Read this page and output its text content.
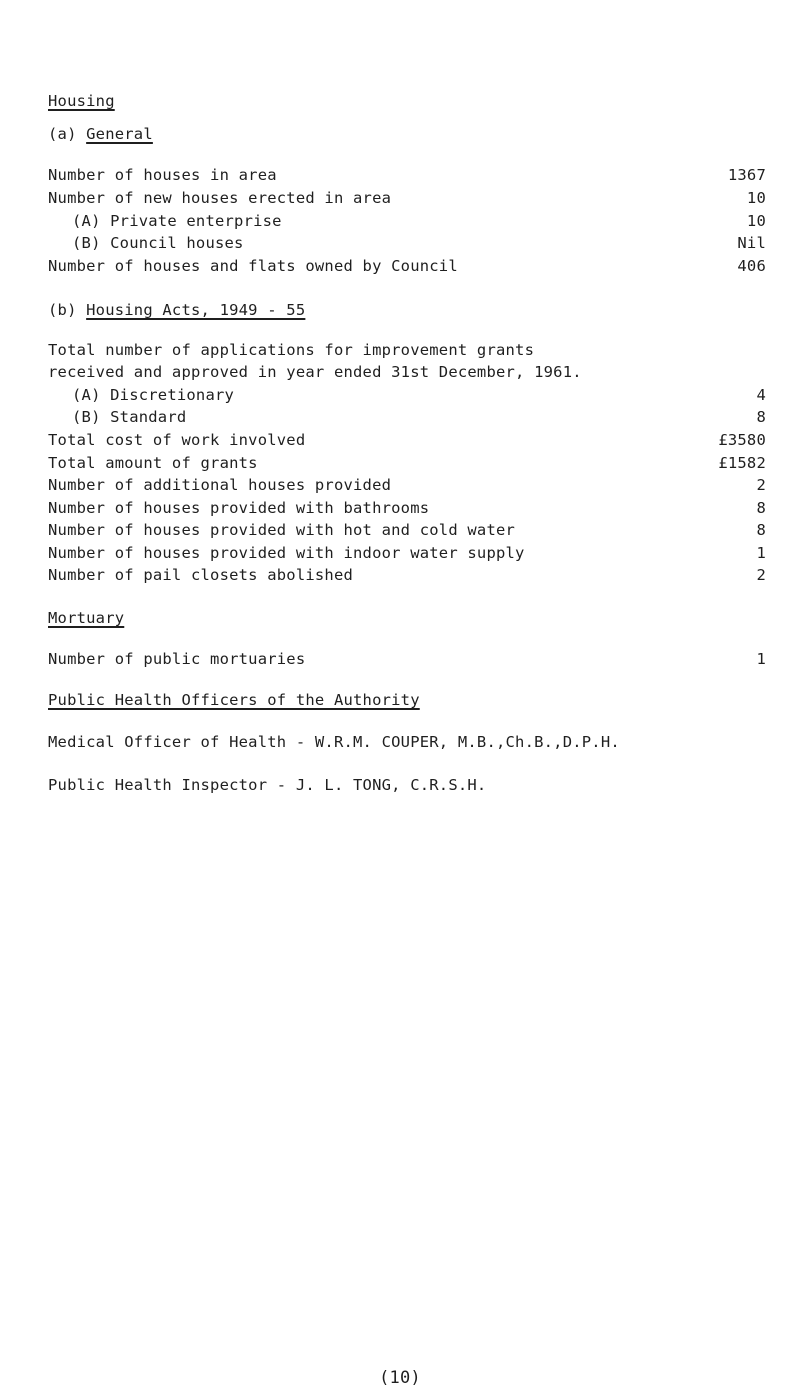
Housing
(a) General
Number of houses in area	1367
Number of new houses erected in area	10
(A) Private enterprise	10
(B) Council houses	Nil
Number of houses and flats owned by Council	406
(b) Housing Acts, 1949 - 55
Total number of applications for improvement grants
received and approved in year ended 31st December, 1961.
(A) Discretionary	4
(B) Standard	8
Total cost of work involved	£3580
Total amount of grants	£1582
Number of additional houses provided	2
Number of houses provided with bathrooms	8
Number of houses provided with hot and cold water	8
Number of houses provided with indoor water supply	1
Number of pail closets abolished	2
Mortuary
Number of public mortuaries	1
Public Health Officers of the Authority
Medical Officer of Health - W.R.M. COUPER, M.B.,Ch.B.,D.P.H.
Public Health Inspector - J. L. TONG, C.R.S.H.
(10)
